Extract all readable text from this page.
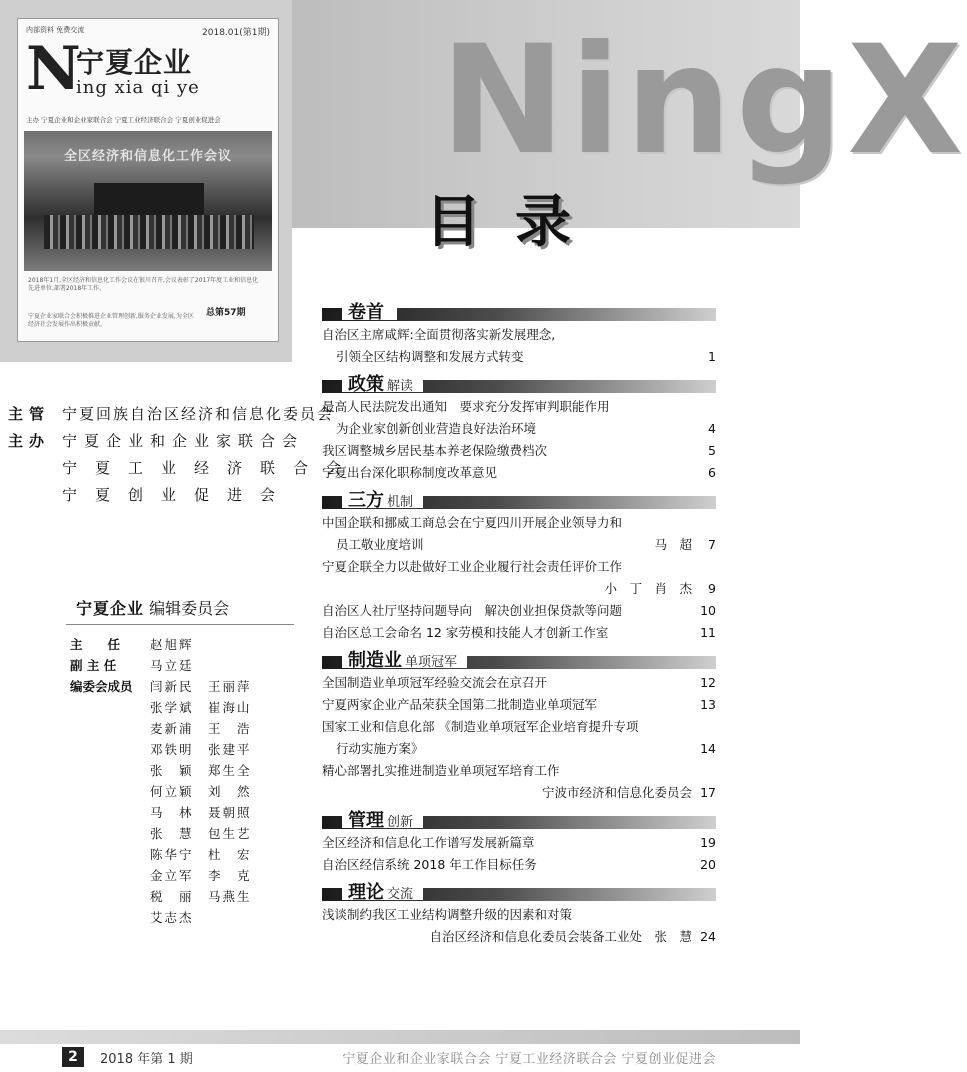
NingX
内部资料 免费交流	2018.01(第1期)
N
宁夏企业
ing xia qi ye
主办 宁夏企业和企业家联合会 宁夏工业经济联合会 宁夏创业促进会
全区经济和信息化工作会议
2018年1月,全区经济和信息化工作会议在银川召开,会议表彰了2017年度工业和信息化先进单位,部署2018年工作。
总第57期
宁夏企业家联合会积极推进企业管理创新,服务企业发展,为全区经济社会发展作出积极贡献。
目录
主管 宁夏回族自治区经济和信息化委员会
主办 宁夏企业和企业家联合会
宁夏工业经济联合会
宁夏创业促进会
宁夏企业 编辑委员会
主　　任	赵旭辉
副 主 任	马立廷
编委会成员	闫新民	王丽萍
张学斌	崔海山
麦新浦	王　浩
邓铁明	张建平
张　颖	郑生全
何立颖	刘　然
马　林	聂朝照
张　慧	包生艺
陈华宁	杜　宏
金立军	李　克
税　丽	马燕生
艾志杰
卷首
自治区主席咸辉:全面贯彻落实新发展理念,
引领全区结构调整和发展方式转变	1
政策 解读
最高人民法院发出通知　要求充分发挥审判职能作用
为企业家创新创业营造良好法治环境	4
我区调整城乡居民基本养老保险缴费档次	5
宁夏出台深化职称制度改革意见	6
三方 机制
中国企联和挪威工商总会在宁夏四川开展企业领导力和
员工敬业度培训	马　超	7
宁夏企联全力以赴做好工业企业履行社会责任评价工作
小　丁　肖　杰	9
自治区人社厅坚持问题导向　解决创业担保贷款等问题	10
自治区总工会命名 12 家劳模和技能人才创新工作室	11
制造业 单项冠军
全国制造业单项冠军经验交流会在京召开	12
宁夏两家企业产品荣获全国第二批制造业单项冠军	13
国家工业和信息化部 《制造业单项冠军企业培育提升专项
行动实施方案》	14
精心部署扎实推进制造业单项冠军培育工作
宁波市经济和信息化委员会 17
管理 创新
全区经济和信息化工作谱写发展新篇章	19
自治区经信系统 2018 年工作目标任务	20
理论 交流
浅谈制约我区工业结构调整升级的因素和对策
自治区经济和信息化委员会装备工业处　张　慧 24
2	2018 年第 1 期	宁夏企业和企业家联合会 宁夏工业经济联合会 宁夏创业促进会
